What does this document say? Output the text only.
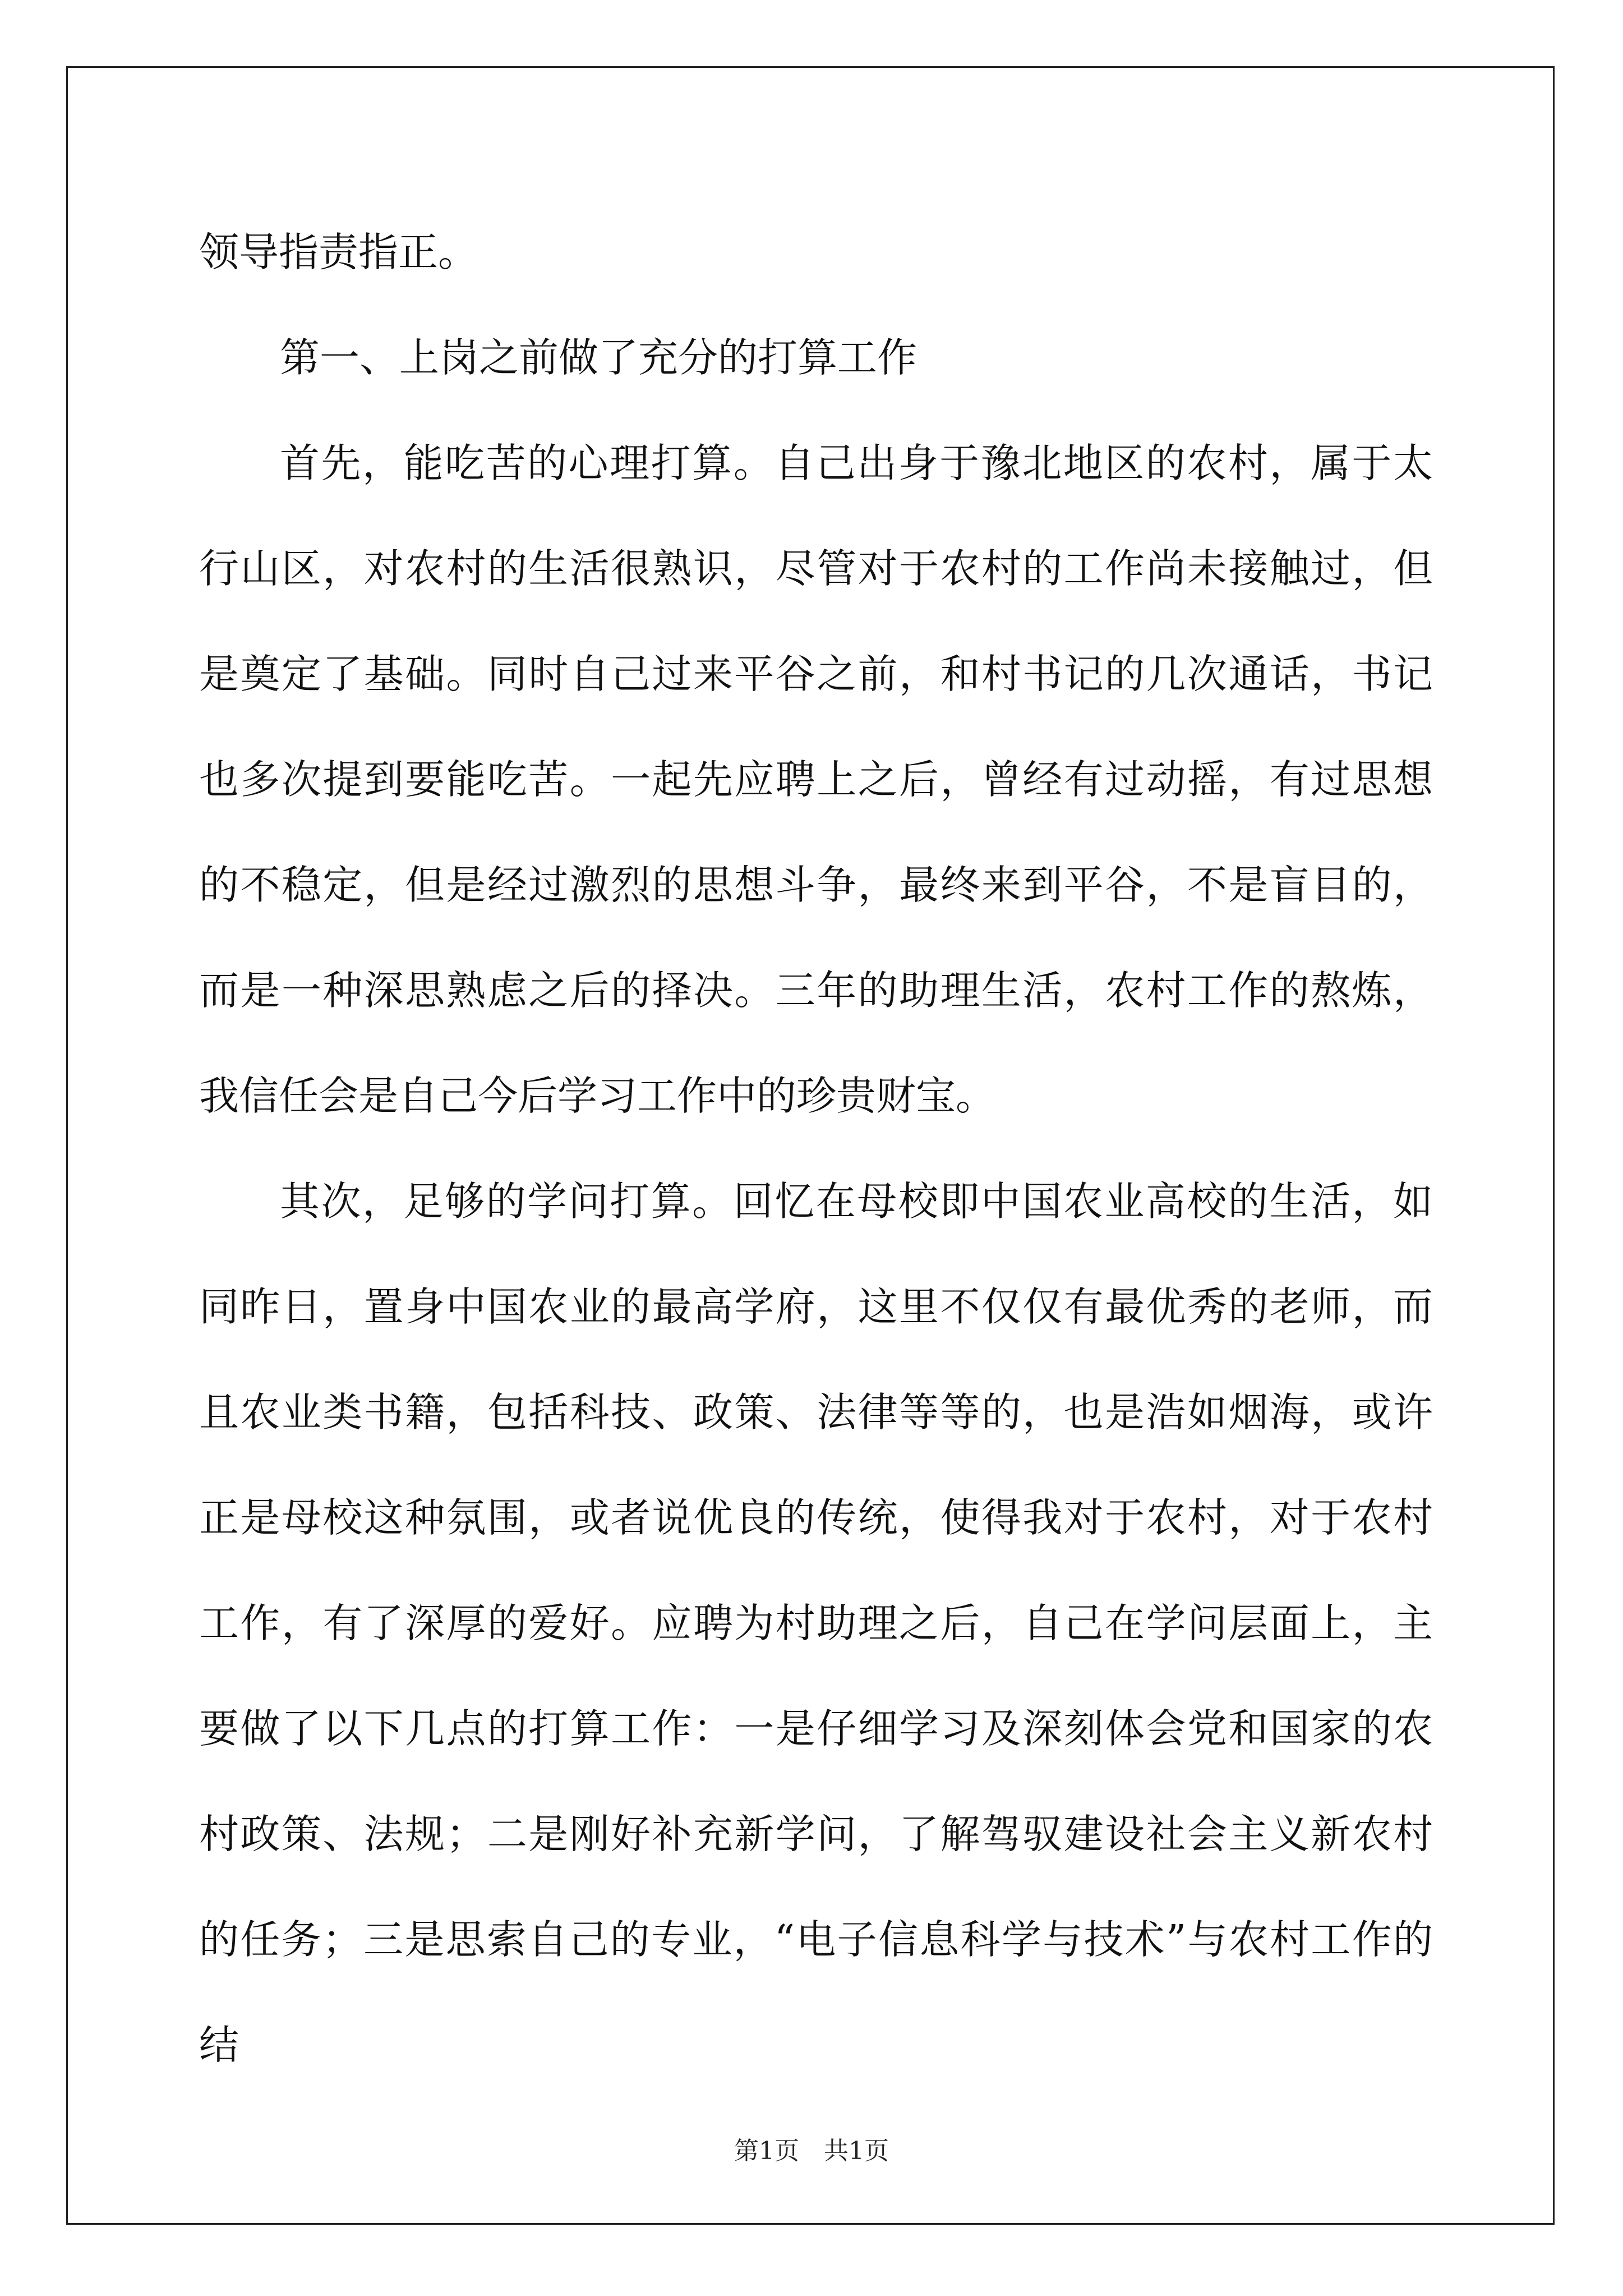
领导指责指正。

第一、上岗之前做了充分的打算工作

首先，能吃苦的心理打算。自己出身于豫北地区的农村，属于太行山区，对农村的生活很熟识，尽管对于农村的工作尚未接触过，但是奠定了基础。同时自己过来平谷之前，和村书记的几次通话，书记也多次提到要能吃苦。一起先应聘上之后，曾经有过动摇，有过思想的不稳定，但是经过激烈的思想斗争，最终来到平谷，不是盲目的，而是一种深思熟虑之后的择决。三年的助理生活，农村工作的熬炼，我信任会是自己今后学习工作中的珍贵财宝。

其次，足够的学问打算。回忆在母校即中国农业高校的生活，如同昨日，置身中国农业的最高学府，这里不仅仅有最优秀的老师，而且农业类书籍，包括科技、政策、法律等等的，也是浩如烟海，或许正是母校这种氛围，或者说优良的传统，使得我对于农村，对于农村工作，有了深厚的爱好。应聘为村助理之后，自己在学问层面上，主要做了以下几点的打算工作：一是仔细学习及深刻体会党和国家的农村政策、法规；二是刚好补充新学问，了解驾驭建设社会主义新农村的任务；三是思索自己的专业，“电子信息科学与技术”与农村工作的结

第1页　共1页
